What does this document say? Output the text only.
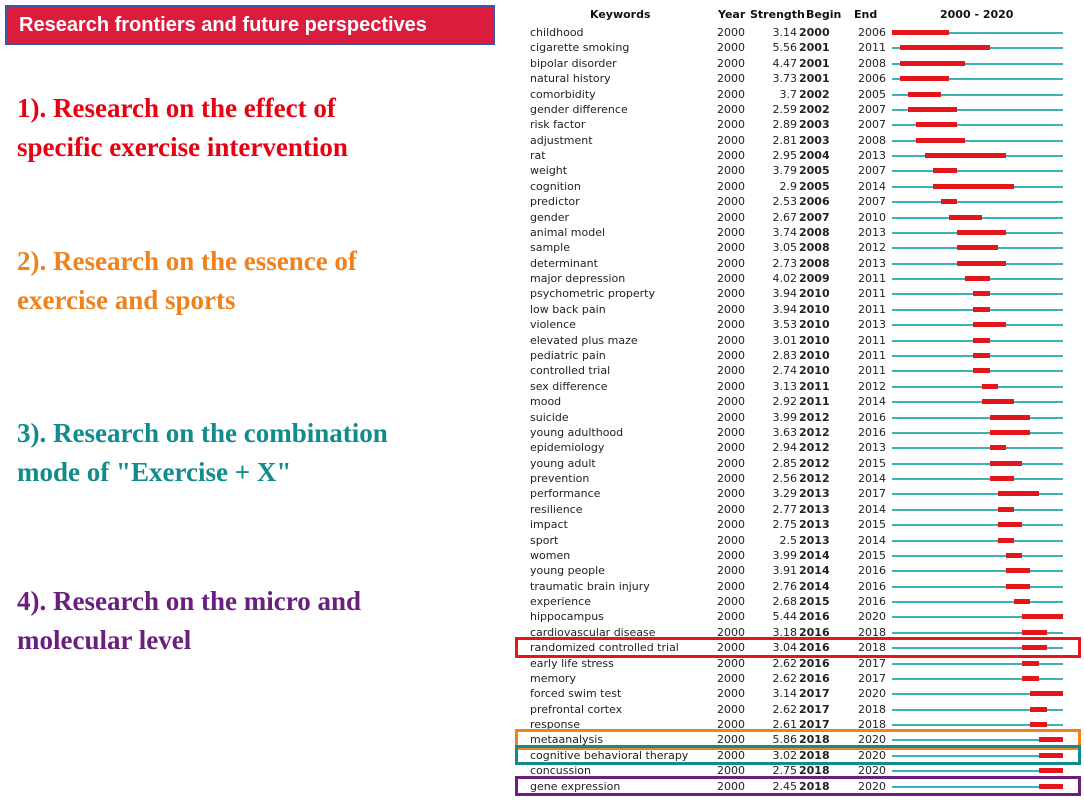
Research frontiers and future perspectives
1). Research on the effect of
specific exercise intervention
2). Research on the essence of
exercise and sports
3). Research on the combination
mode of "Exercise + X"
4). Research on the micro and
molecular level
Keywords	Year Strength Begin End	2000 - 2020
childhood	2000	3.14 2000	2006
cigarette smoking	2000	5.56 2001	2011
bipolar disorder	2000	4.47 2001	2008
natural history	2000	3.73 2001	2006
comorbidity	2000	3.7 2002	2005
gender difference	2000	2.59 2002	2007
risk factor	2000	2.89 2003	2007
adjustment	2000	2.81 2003	2008
rat	2000	2.95 2004	2013
weight	2000	3.79 2005	2007
cognition	2000	2.9 2005	2014
predictor	2000	2.53 2006	2007
gender	2000	2.67 2007	2010
animal model	2000	3.74 2008	2013
sample	2000	3.05 2008	2012
determinant	2000	2.73 2008	2013
major depression	2000	4.02 2009	2011
psychometric property	2000	3.94 2010	2011
low back pain	2000	3.94 2010	2011
violence	2000	3.53 2010	2013
elevated plus maze	2000	3.01 2010	2011
pediatric pain	2000	2.83 2010	2011
controlled trial	2000	2.74 2010	2011
sex difference	2000	3.13 2011	2012
mood	2000	2.92 2011	2014
suicide	2000	3.99 2012	2016
young adulthood	2000	3.63 2012	2016
epidemiology	2000	2.94 2012	2013
young adult	2000	2.85 2012	2015
prevention	2000	2.56 2012	2014
performance	2000	3.29 2013	2017
resilience	2000	2.77 2013	2014
impact	2000	2.75 2013	2015
sport	2000	2.5 2013	2014
women	2000	3.99 2014	2015
young people	2000	3.91 2014	2016
traumatic brain injury	2000	2.76 2014	2016
experience	2000	2.68 2015	2016
hippocampus	2000	5.44 2016	2020
cardiovascular disease	2000	3.18 2016	2018
randomized controlled trial	2000	3.04 2016	2018
early life stress	2000	2.62 2016	2017
memory	2000	2.62 2016	2017
forced swim test	2000	3.14 2017	2020
prefrontal cortex	2000	2.62 2017	2018
response	2000	2.61 2017	2018
metaanalysis	2000	5.86 2018	2020
cognitive behavioral therapy	2000	3.02 2018	2020
concussion	2000	2.75 2018	2020
gene expression	2000	2.45 2018	2020
